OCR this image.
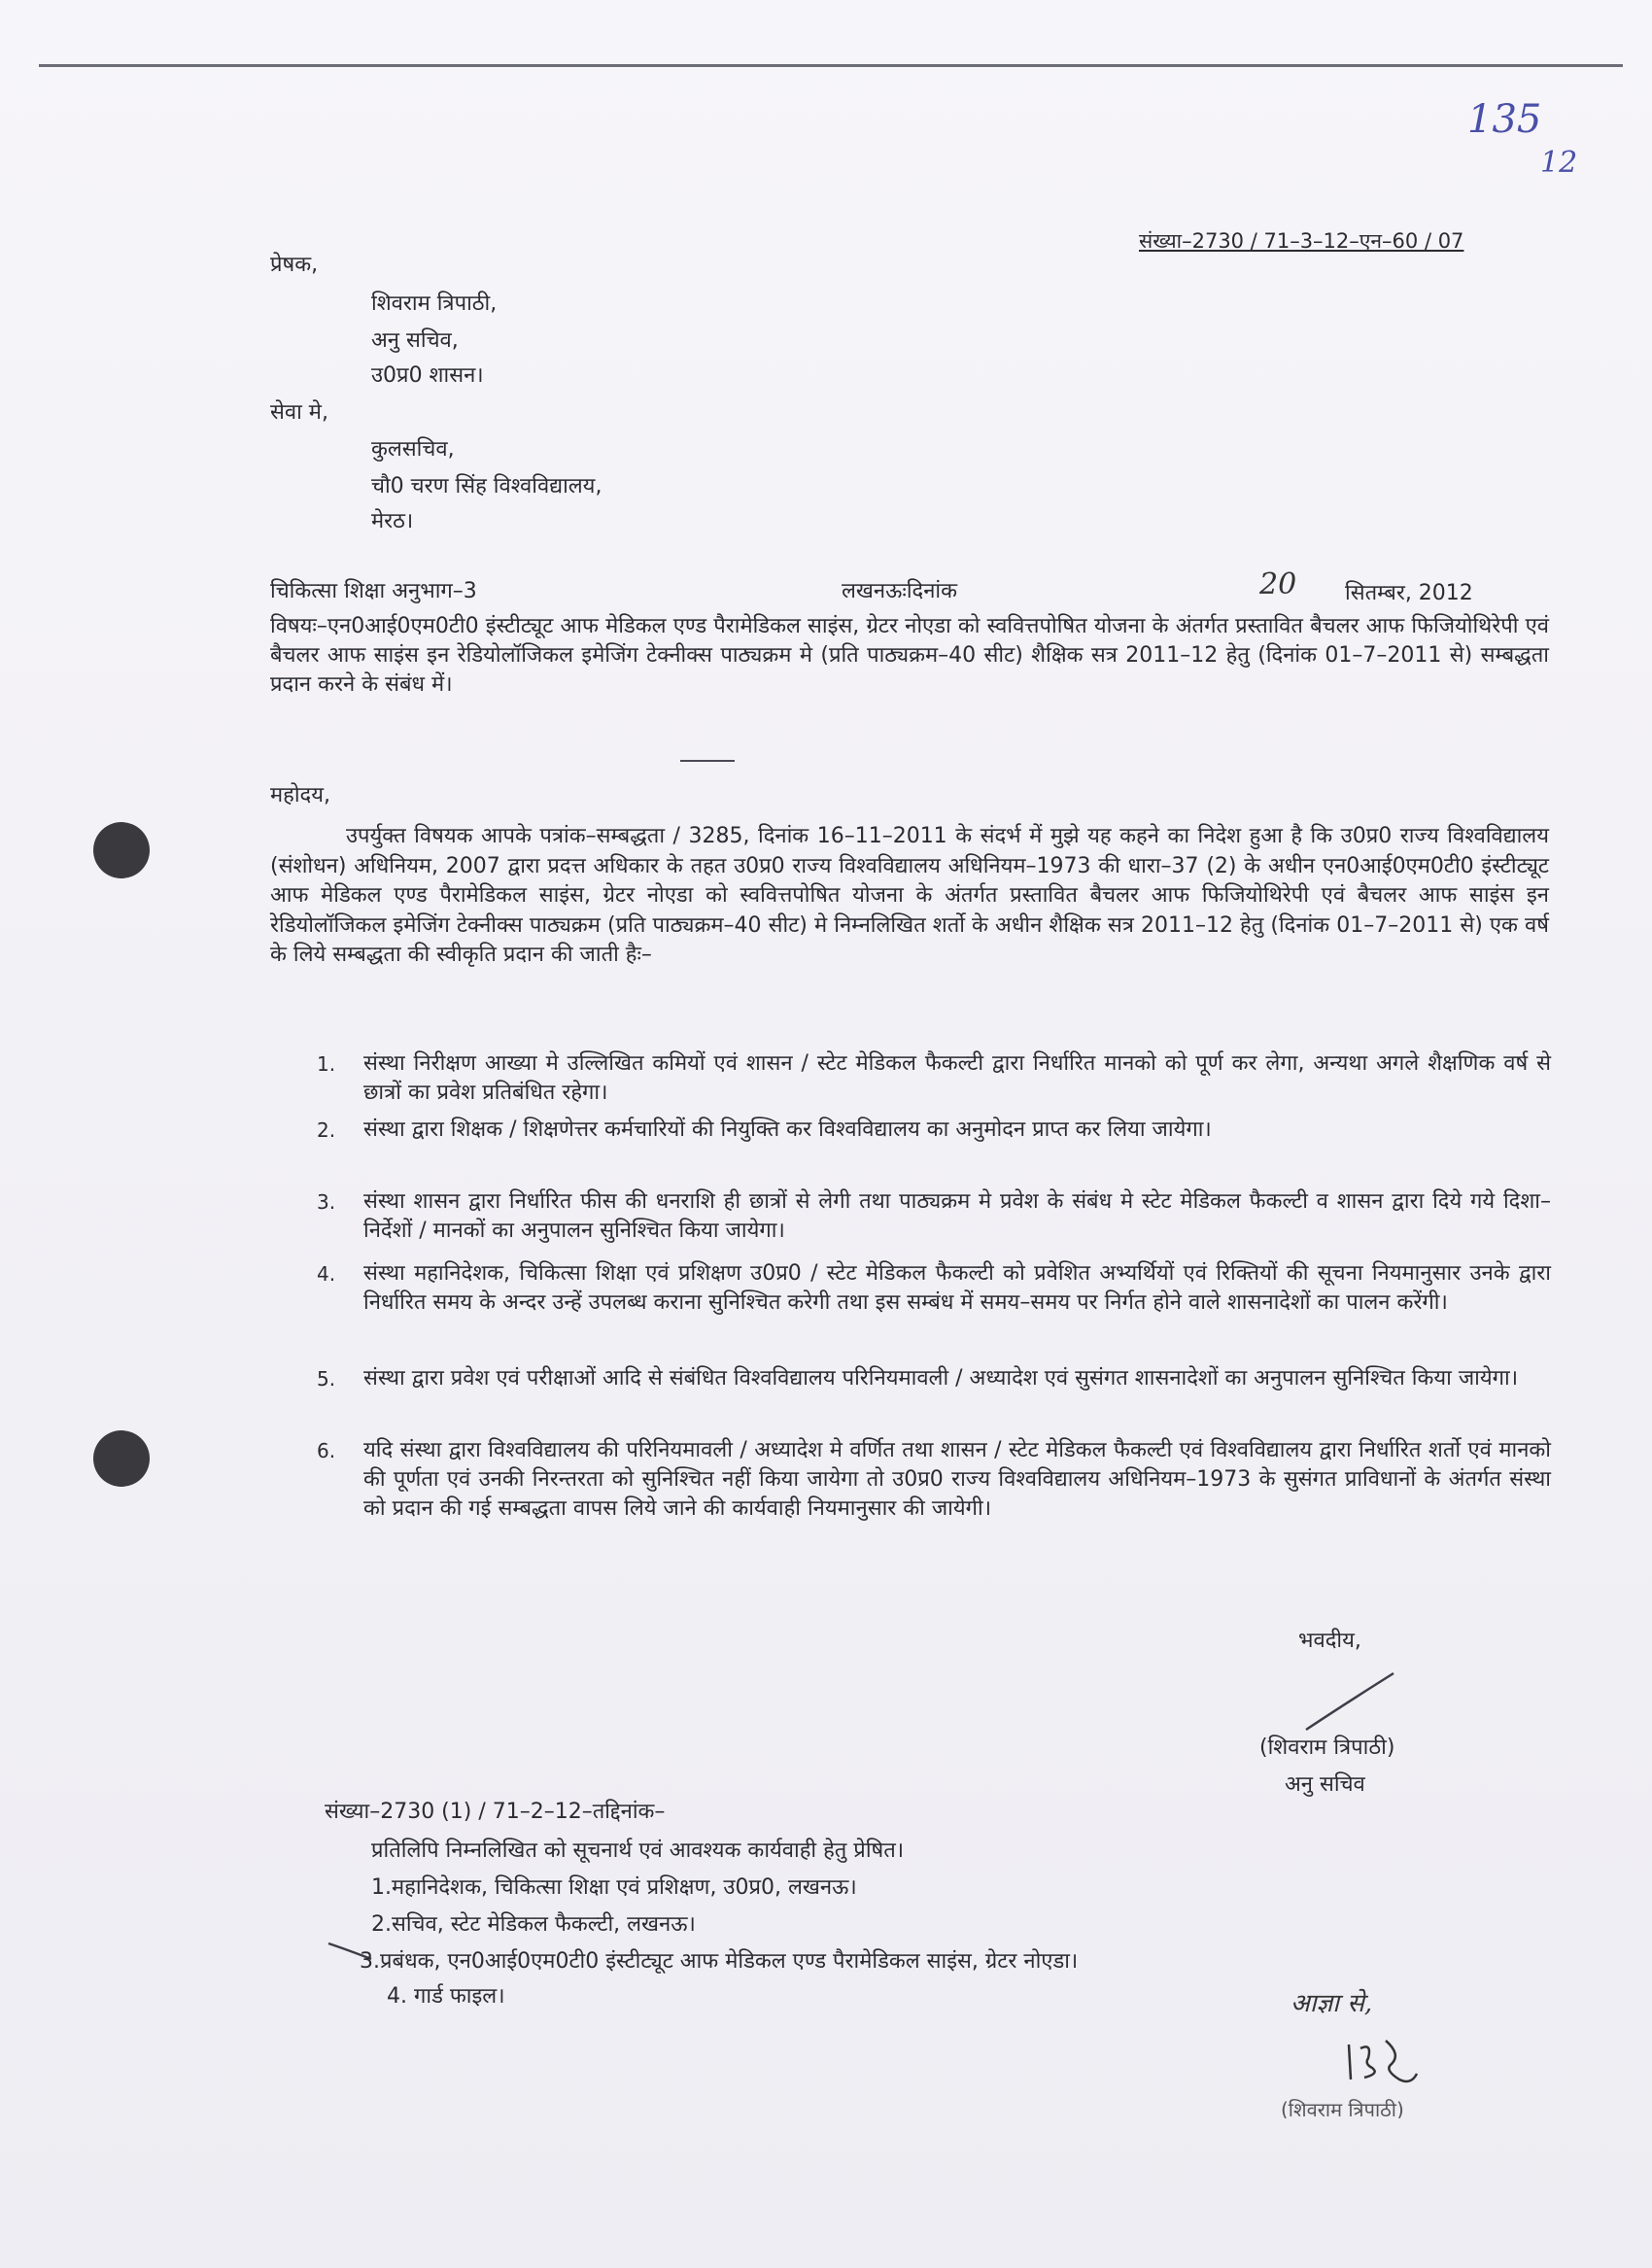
135
12
संख्या–2730 / 71–3–12–एन–60 / 07
प्रेषक,
शिवराम त्रिपाठी,
अनु सचिव,
उ0प्र0 शासन।
सेवा मे,
कुलसचिव,
चौ0 चरण सिंह विश्वविद्यालय,
मेरठ।
चिकित्सा शिक्षा अनुभाग–3	लखनऊःदिनांक	20 सितम्बर, 2012
विषयः–एन0आई0एम0टी0 इंस्टीट्यूट आफ मेडिकल एण्ड पैरामेडिकल साइंस, ग्रेटर नोएडा को स्ववित्तपोषित योजना के अंतर्गत प्रस्तावित बैचलर आफ फिजियोथिरेपी एवं बैचलर आफ साइंस इन रेडियोलॉजिकल इमेजिंग टेक्नीक्स पाठ्यक्रम मे (प्रति पाठ्यक्रम–40 सीट) शैक्षिक सत्र 2011–12 हेतु (दिनांक 01–7–2011 से) सम्बद्धता प्रदान करने के संबंध में।
महोदय,
उपर्युक्त विषयक आपके पत्रांक–सम्बद्धता / 3285, दिनांक 16–11–2011 के संदर्भ में मुझे यह कहने का निदेश हुआ है कि उ0प्र0 राज्य विश्वविद्यालय (संशोधन) अधिनियम, 2007 द्वारा प्रदत्त अधिकार के तहत उ0प्र0 राज्य विश्वविद्यालय अधिनियम–1973 की धारा–37 (2) के अधीन एन0आई0एम0टी0 इंस्टीट्यूट आफ मेडिकल एण्ड पैरामेडिकल साइंस, ग्रेटर नोएडा को स्ववित्तपोषित योजना के अंतर्गत प्रस्तावित बैचलर आफ फिजियोथिरेपी एवं बैचलर आफ साइंस इन रेडियोलॉजिकल इमेजिंग टेक्नीक्स पाठ्यक्रम (प्रति पाठ्यक्रम–40 सीट) मे निम्नलिखित शर्तो के अधीन शैक्षिक सत्र 2011–12 हेतु (दिनांक 01–7–2011 से) एक वर्ष के लिये सम्बद्धता की स्वीकृति प्रदान की जाती हैः–
1. संस्था निरीक्षण आख्या मे उल्लिखित कमियों एवं शासन / स्टेट मेडिकल फैकल्टी द्वारा निर्धारित मानको को पूर्ण कर लेगा, अन्यथा अगले शैक्षणिक वर्ष से छात्रों का प्रवेश प्रतिबंधित रहेगा।
2. संस्था द्वारा शिक्षक / शिक्षणेत्तर कर्मचारियों की नियुक्ति कर विश्वविद्यालय का अनुमोदन प्राप्त कर लिया जायेगा।
3. संस्था शासन द्वारा निर्धारित फीस की धनराशि ही छात्रों से लेगी तथा पाठ्यक्रम मे प्रवेश के संबंध मे स्टेट मेडिकल फैकल्टी व शासन द्वारा दिये गये दिशा–निर्देशों / मानकों का अनुपालन सुनिश्चित किया जायेगा।
4. संस्था महानिदेशक, चिकित्सा शिक्षा एवं प्रशिक्षण उ0प्र0 / स्टेट मेडिकल फैकल्टी को प्रवेशित अभ्यर्थियों एवं रिक्तियों की सूचना नियमानुसार उनके द्वारा निर्धारित समय के अन्दर उन्हें उपलब्ध कराना सुनिश्चित करेगी तथा इस सम्बंध में समय–समय पर निर्गत होने वाले शासनादेशों का पालन करेंगी।
5. संस्था द्वारा प्रवेश एवं परीक्षाओं आदि से संबंधित विश्वविद्यालय परिनियमावली / अध्यादेश एवं सुसंगत शासनादेशों का अनुपालन सुनिश्चित किया जायेगा।
6. यदि संस्था द्वारा विश्वविद्यालय की परिनियमावली / अध्यादेश मे वर्णित तथा शासन / स्टेट मेडिकल फैकल्टी एवं विश्वविद्यालय द्वारा निर्धारित शर्तो एवं मानको की पूर्णता एवं उनकी निरन्तरता को सुनिश्चित नहीं किया जायेगा तो उ0प्र0 राज्य विश्वविद्यालय अधिनियम–1973 के सुसंगत प्राविधानों के अंतर्गत संस्था को प्रदान की गई सम्बद्धता वापस लिये जाने की कार्यवाही नियमानुसार की जायेगी।
भवदीय,
(शिवराम त्रिपाठी)
अनु सचिव
संख्या–2730 (1) / 71–2–12–तद्दिनांक–
प्रतिलिपि निम्नलिखित को सूचनार्थ एवं आवश्यक कार्यवाही हेतु प्रेषित।
1.महानिदेशक, चिकित्सा शिक्षा एवं प्रशिक्षण, उ0प्र0, लखनऊ।
2.सचिव, स्टेट मेडिकल फैकल्टी, लखनऊ।
3.प्रबंधक, एन0आई0एम0टी0 इंस्टीट्यूट आफ मेडिकल एण्ड पैरामेडिकल साइंस, ग्रेटर नोएडा।
4. गार्ड फाइल।	आज्ञा से,
(शिवराम त्रिपाठी)
